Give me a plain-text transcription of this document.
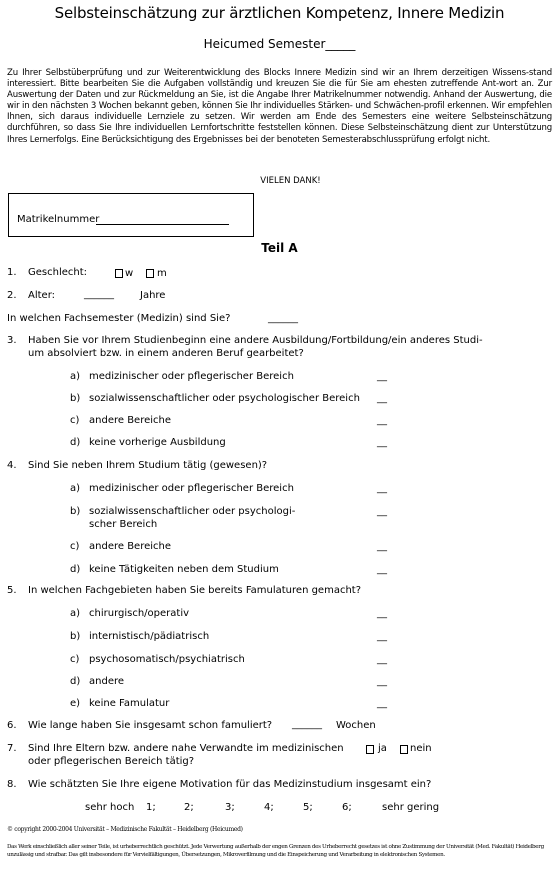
Selbsteinschätzung zur ärztlichen Kompetenz, Innere Medizin
Heicumed Semester_____
Zu Ihrer Selbstüberprüfung und zur Weiterentwicklung des Blocks Innere Medizin sind wir an Ihrem derzeitigen Wissens-stand interessiert. Bitte bearbeiten Sie die Aufgaben vollständig und kreuzen Sie die für Sie am ehesten zutreffende Ant-wort an. Zur Auswertung der Daten und zur Rückmeldung an Sie, ist die Angabe Ihrer Matrikelnummer notwendig. Anhand der Auswertung, die wir in den nächsten 3 Wochen bekannt geben, können Sie Ihr individuelles Stärken- und Schwächen-profil erkennen. Wir empfehlen Ihnen, sich daraus individuelle Lernziele zu setzen. Wir werden am Ende des Semesters eine weitere Selbsteinschätzung durchführen, so dass Sie Ihre individuellen Lernfortschritte feststellen können. Diese Selbsteinschätzung dient zur Unterstützung Ihres Lernerfolgs. Eine Berücksichtigung des Ergebnisses bei der benoteten Semesterabschlussprüfung erfolgt nicht.
VIELEN DANK!
Matrikelnummer
Teil A
1. Geschlecht:	w m
2. Alter:	______	Jahre
In welchen Fachsemester (Medizin) sind Sie?	______
3. Haben Sie vor Ihrem Studienbeginn eine andere Ausbildung/Fortbildung/ein anderes Studi-
um absolviert bzw. in einem anderen Beruf gearbeitet?
a) medizinischer oder pflegerischer Bereich	__
b) sozialwissenschaftlicher oder psychologischer Bereich __
c) andere Bereiche	__
d) keine vorherige Ausbildung	__
4. Sind Sie neben Ihrem Studium tätig (gewesen)?
a) medizinischer oder pflegerischer Bereich	__
b) sozialwissenschaftlicher oder psychologi-
scher Bereich
__
c) andere Bereiche	__
d) keine Tätigkeiten neben dem Studium	__
5. In welchen Fachgebieten haben Sie bereits Famulaturen gemacht?
a) chirurgisch/operativ	__
b) internistisch/pädiatrisch	__
c) psychosomatisch/psychiatrisch	__
d) andere	__
e) keine Famulatur	__
6. Wie lange haben Sie insgesamt schon famuliert? ______ Wochen
7. Sind Ihre Eltern bzw. andere nahe Verwandte im medizinischen
oder pflegerischen Bereich tätig?
ja nein
8. Wie schätzten Sie Ihre eigene Motivation für das Medizinstudium insgesamt ein?
sehr hoch 1;	2;	3;	4;	5;	6;	sehr gering
© copyright 2000-2004 Universität – Medizinische Fakultät – Heidelberg (Heicumed)
Das Werk einschließlich aller seiner Teile, ist urheberrechtlich geschützt. Jede Verwertung außerhalb der engen Grenzen des Urheberrecht gesetzes ist ohne Zustimmung der Universität (Med. Fakultät) Heidelberg unzulässig und strafbar. Das gilt insbesondere für Vervielfältigungen, Übersetzungen, Mikroverfilmung und die Einspeicherung und Verarbeitung in elektronischen Systemen.
